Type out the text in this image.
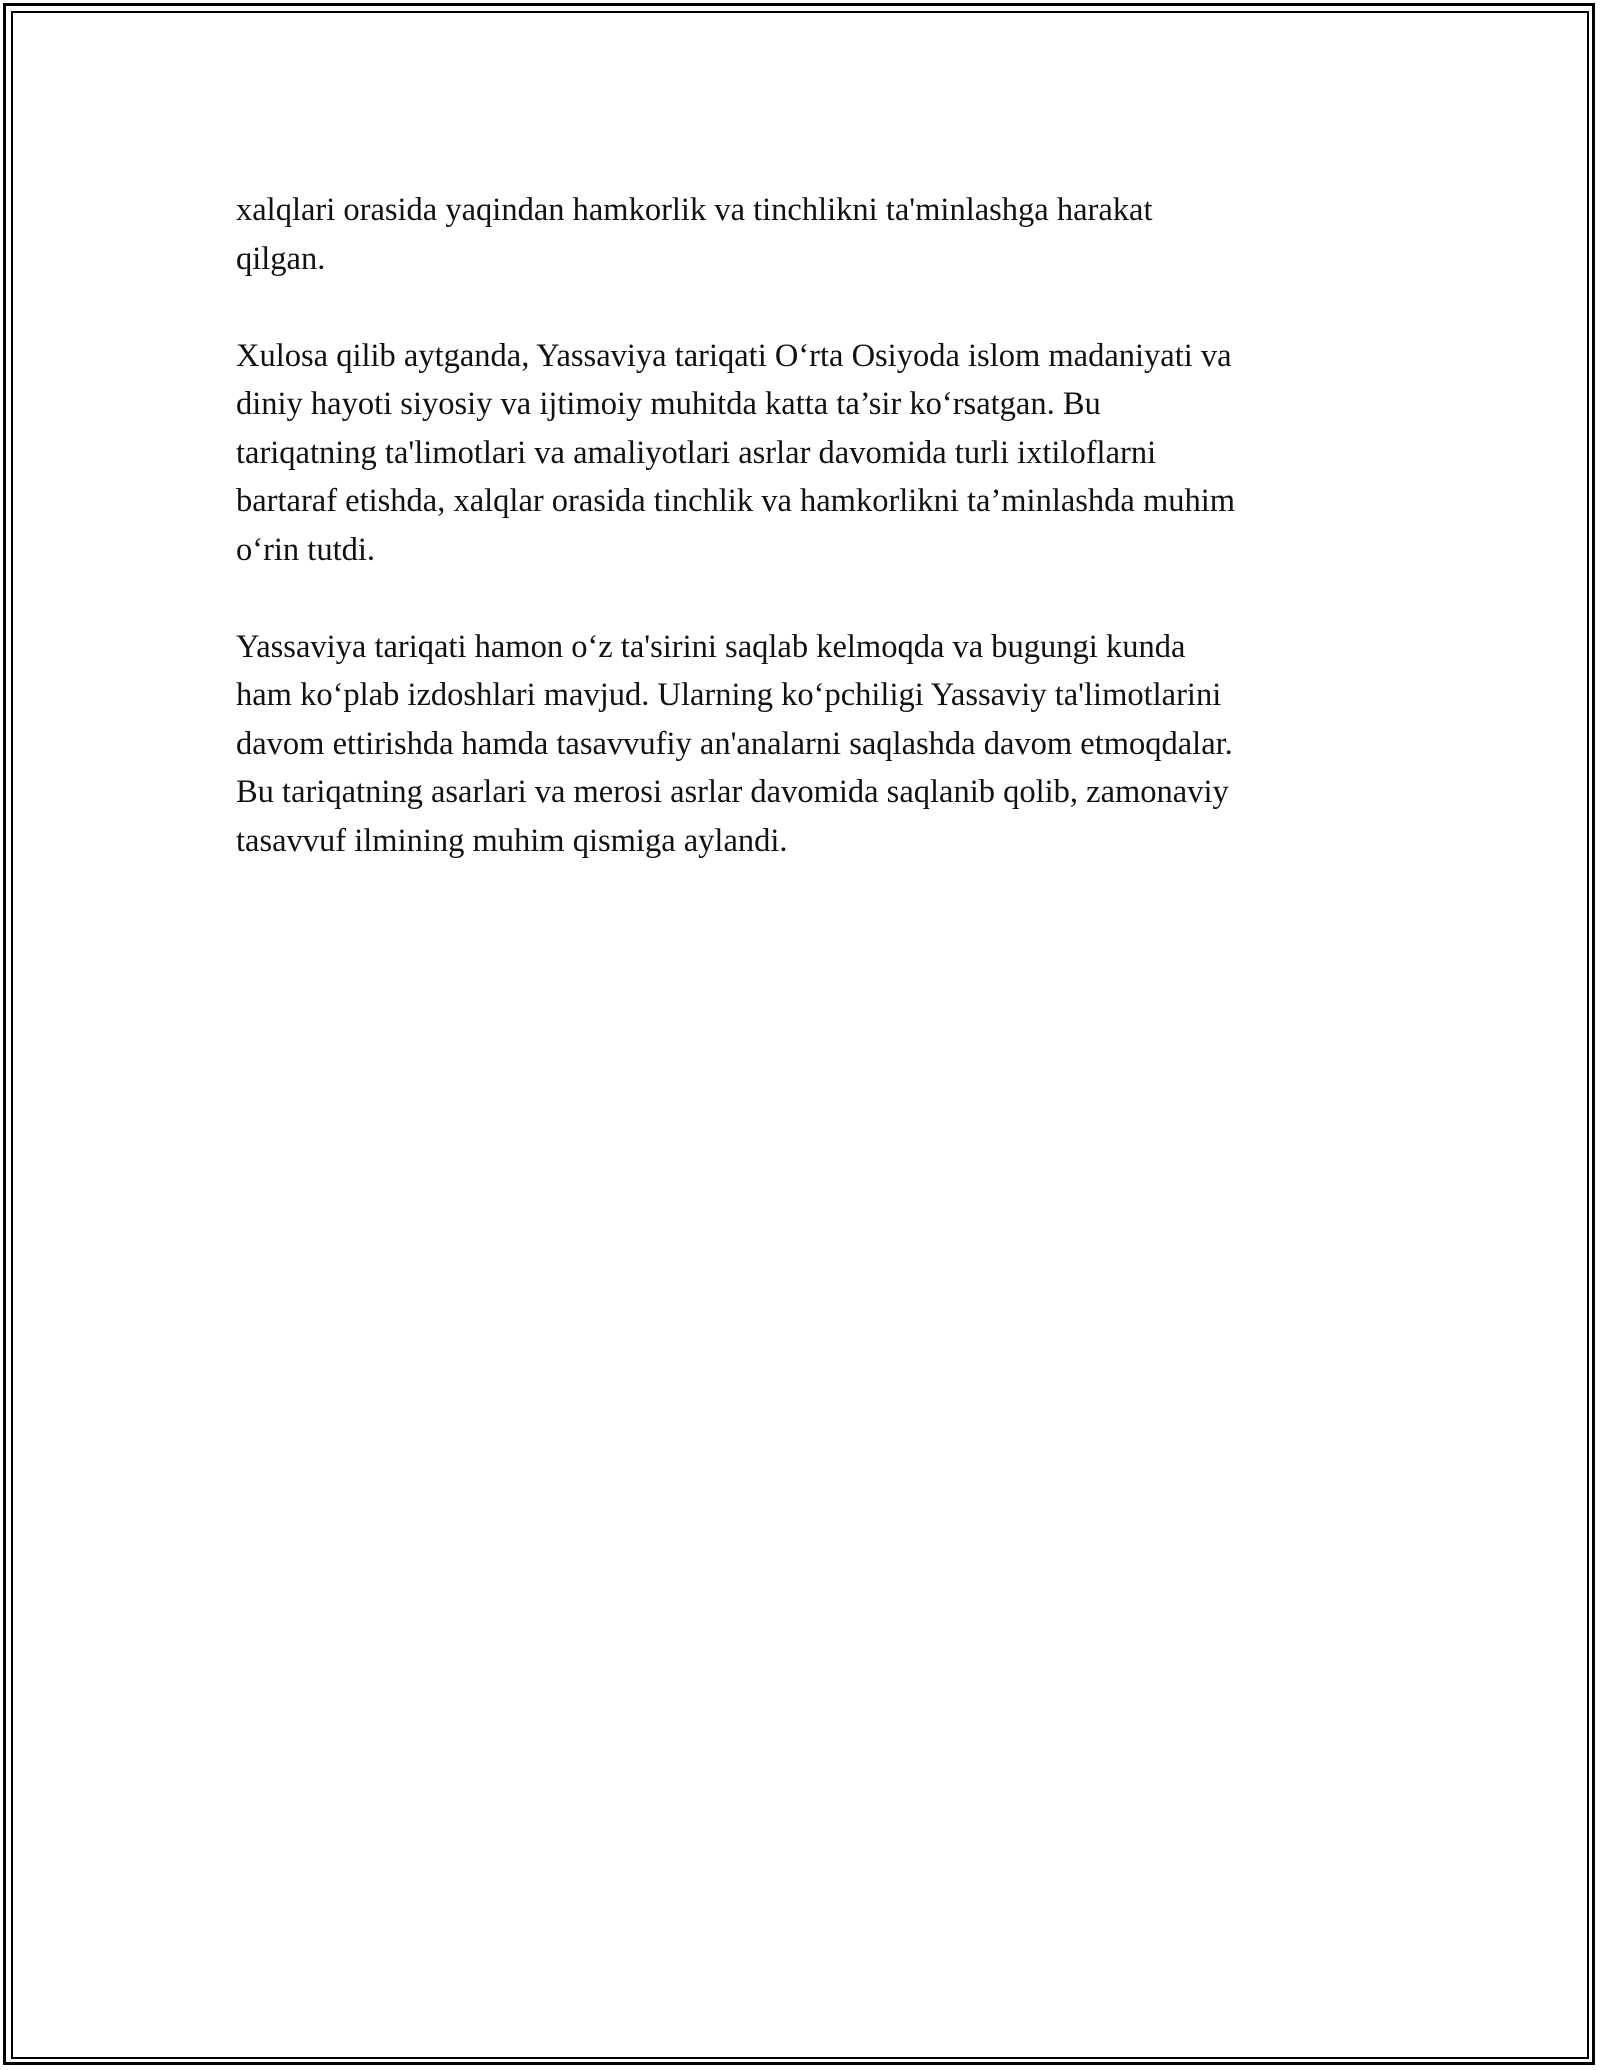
xalqlari orasida yaqindan hamkorlik va tinchlikni ta'minlashga harakat
qilgan.

Xulosa qilib aytganda, Yassaviya tariqati O‘rta Osiyoda islom madaniyati va
diniy hayoti siyosiy va ijtimoiy muhitda katta ta’sir ko‘rsatgan. Bu
tariqatning ta'limotlari va amaliyotlari asrlar davomida turli ixtiloflarni
bartaraf etishda, xalqlar orasida tinchlik va hamkorlikni ta’minlashda muhim
o‘rin tutdi.

Yassaviya tariqati hamon o‘z ta'sirini saqlab kelmoqda va bugungi kunda
ham ko‘plab izdoshlari mavjud. Ularning ko‘pchiligi Yassaviy ta'limotlarini
davom ettirishda hamda tasavvufiy an'analarni saqlashda davom etmoqdalar.
Bu tariqatning asarlari va merosi asrlar davomida saqlanib qolib, zamonaviy
tasavvuf ilmining muhim qismiga aylandi.
